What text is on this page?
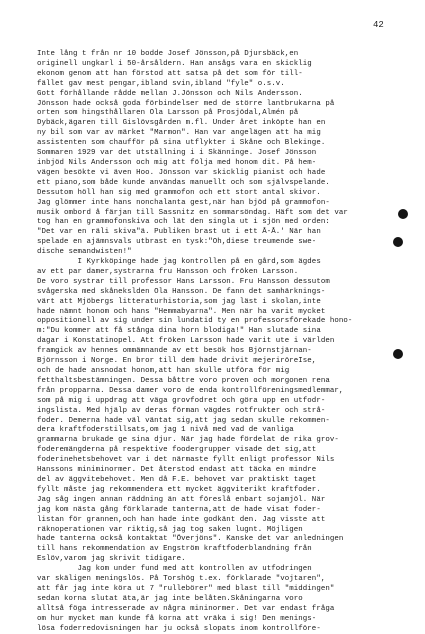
42

Inte lång t från nr 10 bodde Josef Jönsson,på Djursbäck,en
originell ungkarl i 50-årsåldern. Han ansågs vara en skicklig
ekonom genom att han förstod att satsa på det som för till-
fället gav mest pengar,ibland svin,ibland "fyle" o.s.v.
Gott förhållande rådde mellan J.Jönsson och Nils Andersson.
Jönsson hade också goda förbindelser med de större lantbrukarna på
orten som hingsthållaren Ola Larsson på Prosjödal,Almén på
Dybäck,ägaren till Gislövsgården m.fl. Under året inköpte han en
ny bil som var av märket "Marmon". Han var angelägen att ha mig
assistenten som chaufför på sina utflykter i Skåne och Blekinge.
Sommaren 1929 var det utställning i i Skänninge. Josef Jönsson
inbjöd Nils Andersson och mig att följa med honom dit. På hem-
vägen besökte vi även Hoo. Jönsson var skicklig pianist och hade
ett piano,som både kunde användas manuellt och som självspelande.
Dessutom höll han sig med grammofon och ett stort antal skivor.
Jag glömmer inte hans nonchalanta gest,när han bjöd på grammofon-
musik ombord å färjan till Sassnitz en sommarsöndag. Häft som det var
tog han en grammofonskiva och lät den singla ut i sjön med orden:
"Det var en räli skiva"ä. Publiken brast ut i ett Å-Å.' När han
spelade en ajämnsvals utbrast en tysk:"Oh,diese treumende swe-
dische semandwisten!"
I Kyrkköpinge hade jag kontrollen på en gård,som ägdes
av ett par damer,systrarna fru Hansson och fröken Larsson.
De voro systrar till professor Hans Larsson. Fru Hansson dessutom
svågerska med skånekslden Ola Hansson. De fann det samhärknings-
värt att Mjöbergs litteraturhistoria,som jag läst i skolan,inte
hade nämnt honom och hans "Hemmabyarna". Men när ha varit mycket
oppositionell av sig under sin lundatid ty en professorsförekade hono-
m:"Du kommer att få stånga dina horn blodiga!" Han slutade sina
dagar i Konstatinopel. Att fröken Larsson hade varit ute i världen
framgick av hennes ommämnande av ett besök hos Björnstjärnan-
Björnsson i Norge. En bror till dem hade drivit mejeriröreIse,
och de hade ansnodat honom,att han skulle utföra för mig
fetthaltsbestämningen. Dessa båttre voro proven och morgonen rena
från propparna. Dessa damer voro de enda kontrollföreningsmedlemmar,
som på mig i uppdrag att väga grovfodret och göra upp en utfodr-
ingslista. Med hjälp av deras förman vägdes rotfrukter och strå-
foder. Demerna hade väl väntat sig,att jag sedan skulle rekommen-
dera kraftfoderstillsats,om jag 1 nivå med vad de vanliga
grammarna brukade ge sina djur. När jag hade fördelat de rika grov-
foderemängderna på respektive foodergrupper visade det sig,att
foderinehetsbehovet var i det närmaste fyllt enligt professor Nils
Hanssons miniminormer. Det återstod endast att täcka en mindre
del av äggvitebehovet. Men då F.E. behovet var praktiskt taget
fyllt måste jag rekommendera ett mycket äggviterikt kraftfoder.
Jag såg ingen annan räddning än att föreslå enbart sojamjöl. När
jag kom nästa gång förklarade tanterna,att de hade visat foder-
listan för grannen,och han hade inte godkänt den. Jag visste att
räknoperationen var riktig,så jag tog saken lugnt. Möjligen
hade tanterna också kontaktat "Överjöns". Kanske det var anledningen
till hans rekommendation av Engström kraftfoderblandning från
Eslöv,varom jag skrivit tidigare.
Jag kom under fund med att kontrollen av utfodringen
var skäligen meningslös. På Torshög t.ex. förklarade "vojtaren",
att får jag inte köra ut 7 "rullebörer" med blast till "middingen"
sedan korna slutat äta,är jag inte belåten.Skåningarna voro
alltså föga intresserade av några mininormer. Det var endast fråga
om hur mycket man kunde få korna att vräka i sig! Den menings-
lösa foderredovisningen har ju också slopats inom kontrollföre-
